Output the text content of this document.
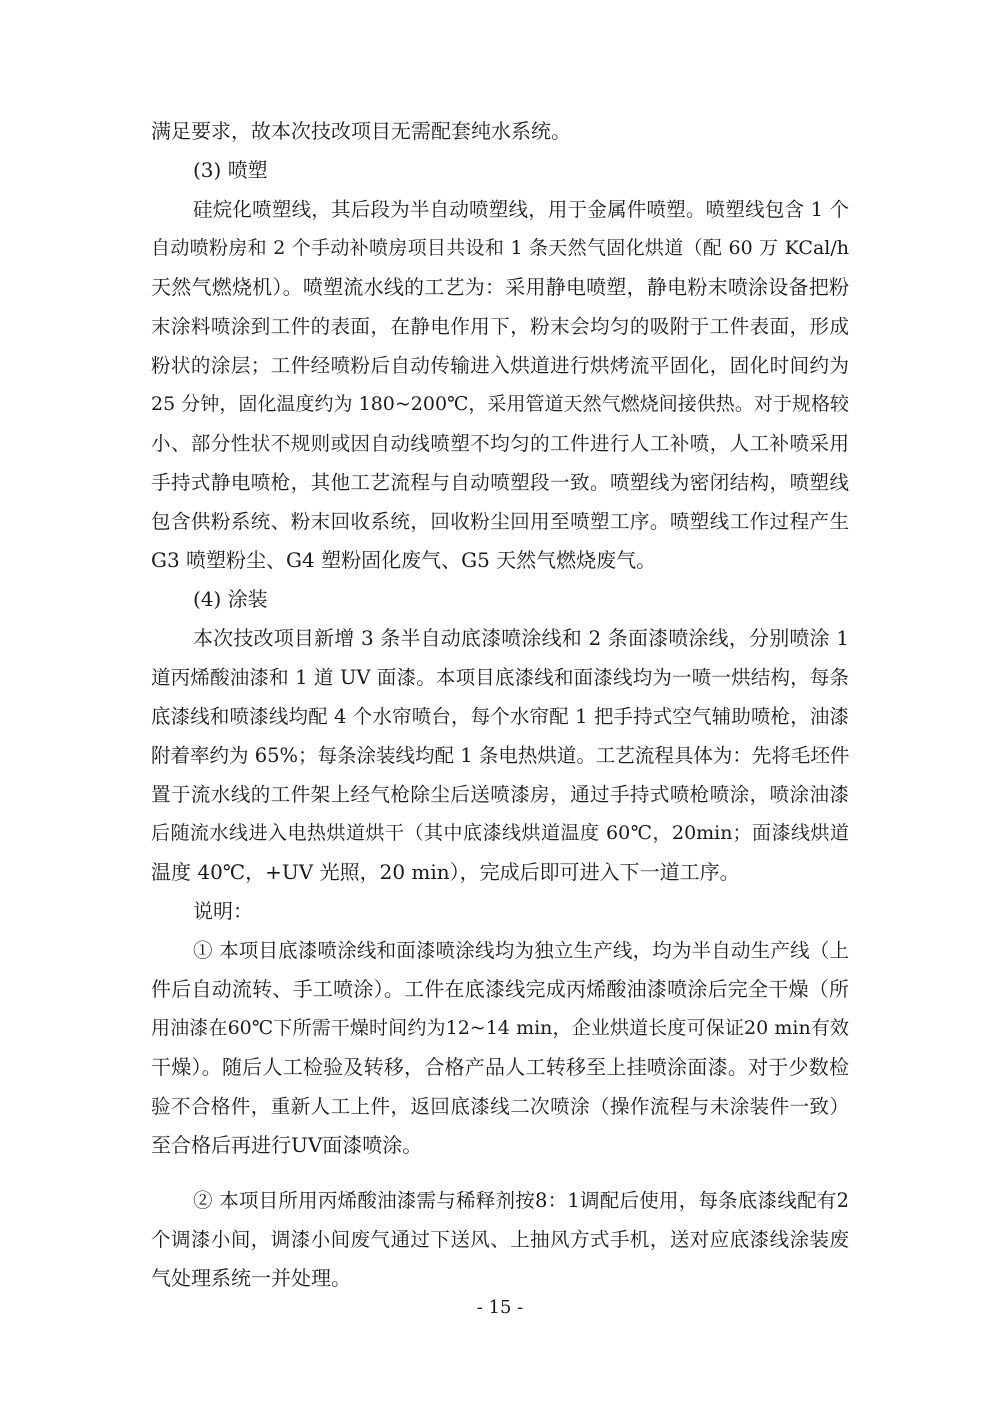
满足要求，故本次技改项目无需配套纯水系统。
(3) 喷塑
硅烷化喷塑线，其后段为半自动喷塑线，用于金属件喷塑。喷塑线包含 1 个
自动喷粉房和 2 个手动补喷房项目共设和 1 条天然气固化烘道（配 60 万 KCal/h
天然气燃烧机）。喷塑流水线的工艺为：采用静电喷塑，静电粉末喷涂设备把粉
末涂料喷涂到工件的表面，在静电作用下，粉末会均匀的吸附于工件表面，形成
粉状的涂层；工件经喷粉后自动传输进入烘道进行烘烤流平固化，固化时间约为
25 分钟，固化温度约为 180~200℃，采用管道天然气燃烧间接供热。对于规格较
小、部分性状不规则或因自动线喷塑不均匀的工件进行人工补喷，人工补喷采用
手持式静电喷枪，其他工艺流程与自动喷塑段一致。喷塑线为密闭结构，喷塑线
包含供粉系统、粉末回收系统，回收粉尘回用至喷塑工序。喷塑线工作过程产生
G3 喷塑粉尘、G4 塑粉固化废气、G5 天然气燃烧废气。
(4) 涂装
本次技改项目新增 3 条半自动底漆喷涂线和 2 条面漆喷涂线，分别喷涂 1
道丙烯酸油漆和 1 道 UV 面漆。本项目底漆线和面漆线均为一喷一烘结构，每条
底漆线和喷漆线均配 4 个水帘喷台，每个水帘配 1 把手持式空气辅助喷枪，油漆
附着率约为 65%；每条涂装线均配 1 条电热烘道。工艺流程具体为：先将毛坯件
置于流水线的工件架上经气枪除尘后送喷漆房，通过手持式喷枪喷涂，喷涂油漆
后随流水线进入电热烘道烘干（其中底漆线烘道温度 60℃，20min；面漆线烘道
温度 40℃，+UV 光照，20 min），完成后即可进入下一道工序。
说明：
① 本项目底漆喷涂线和面漆喷涂线均为独立生产线，均为半自动生产线（上
件后自动流转、手工喷涂）。工件在底漆线完成丙烯酸油漆喷涂后完全干燥（所
用油漆在60℃下所需干燥时间约为12~14 min，企业烘道长度可保证20 min有效
干燥）。随后人工检验及转移，合格产品人工转移至上挂喷涂面漆。对于少数检
验不合格件，重新人工上件，返回底漆线二次喷涂（操作流程与未涂装件一致）
至合格后再进行UV面漆喷涂。
② 本项目所用丙烯酸油漆需与稀释剂按8：1调配后使用，每条底漆线配有2
个调漆小间，调漆小间废气通过下送风、上抽风方式手机，送对应底漆线涂装废
气处理系统一并处理。
- 15 -
